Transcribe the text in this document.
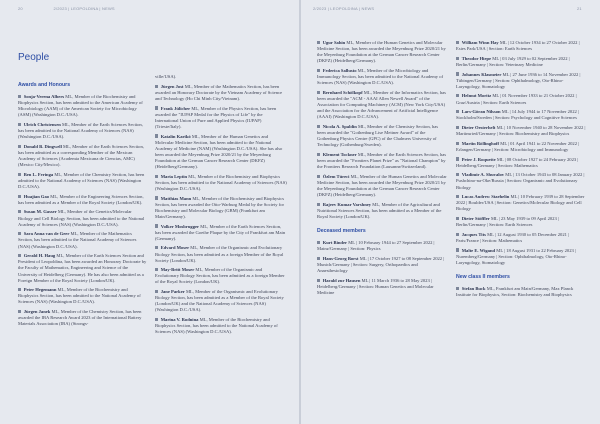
20	2/2023 | LEOPOLDINA | NEWS
People
Awards and Honours

Sonja-Verena Albers ML, Member of the Biochemistry and Biophysics Section, has been admitted to the American Academy of Microbiology (AAM) of the American Society for Microbiology (ASM) (Washington D.C./USA).

Ulrich Christensen ML, Member of the Earth Sciences Section, has been admitted to the National Academy of Sciences (NAS) (Washington D.C./USA).

Donald B. Dingwell ML, Member of the Earth Sciences Section, has been admitted as a corresponding Member of the Mexican Academy of Sciences (Academia Mexicana de Ciencias, AMC) (Mexico City/Mexico).

Ben L. Feringa ML, Member of the Chemistry Section, has been admitted to the National Academy of Sciences (NAS) (Washington D.C./USA).

Huajian Gao ML, Member of the Engineering Sciences Section, has been admitted as a Member of the Royal Society (London/UK).

Susan M. Gasser ML, Member of the Genetics/Molecular Biology and Cell Biology Section, has been admitted to the National Academy of Sciences (NAS) (Washington D.C./USA).

Sara Anna van de Geer ML, Member of the Mathematics Section, has been admitted to the National Academy of Sciences (NAS) (Washington D.C./USA).

Gerald H. Haug ML, Member of the Earth Sciences Section and President of Leopoldina, has been awarded an Honorary Doctorate by the Faculty of Mathematics, Engineering and Science of the University of Heidelberg (Germany). He has also been admitted as a Foreign Member of the Royal Society (London/UK).

Peter Hegemann ML, Member of the Biochemistry and Biophysics Section, has been admitted to the National Academy of Sciences (NAS) (Washington D.C./USA).

Jürgen Janek ML, Member of the Chemistry Section, has been awarded the IBA Research Award 2023 of the International Battery Materials Association (IBA) (Strongs-

ville/USA).

Jürgen Jost ML, Member of the Mathematics Section, has been awarded an Honorary Doctorate by the Vietnam Academy of Science and Technology (Ho Chi Minh City/Vietnam).

Frank Jülicher ML, Member of the Physics Section, has been awarded the "IUPAP Medal for the Physics of Life" by the International Union of Pure and Applied Physics (IUPAP) (Trieste/Italy).

Katalin Karikó ML, Member of the Human Genetics and Molecular Medicine Section, has been admitted to the National Academy of Medicine (NAM) (Washington D.C./USA). She has also been awarded the Meyenburg Prize 2020/21 by the Meyenburg Foundation at the German Cancer Research Center (DKFZ) (Heidelberg/Germany).

Maria Leptin ML, Member of the Biochemistry and Biophysics Section, has been admitted to the National Academy of Sciences (NAS) (Washington D.C./USA).

Matthias Mann ML, Member of the Biochemistry and Biophysics Section, has been awarded the Otto-Warburg Medal by the Society for Biochemistry and Molecular Biology (GBM) (Frankfurt am Main/Germany).

Volker Mosbrugger ML, Member of the Earth Sciences Section, has been awarded the Goethe Plaque by the City of Frankfurt am Main (Germany).

Edvard Moser ML, Member of the Organismic and Evolutionary Biology Section, has been admitted as a foreign Member of the Royal Society (London/UK).

May-Britt Moser ML, Member of the Organismic and Evolutionary Biology Section, has been admitted as a foreign Member of the Royal Society (London/UK).

Jane Parker ML, Member of the Organismic and Evolutionary Biology Section, has been admitted as a Member of the Royal Society (London/UK) and the National Academy of Sciences (NAS) (Washington D.C./USA).

Marina V. Rodnina ML, Member of the Biochemistry and Biophysics Section, has been admitted to the National Academy of Sciences (NAS) (Washington D.C./USA).

2/2023 | LEOPOLDINA | NEWS	21

Ugur Sahin ML, Member of the Human Genetics and Molecular Medicine Section, has been awarded the Meyenburg Prize 2020/21 by the Meyenburg Foundation at the German Cancer Research Center (DKFZ) (Heidelberg/Germany).

Federica Sallusto ML, Member of the Microbiology and Immunology Section, has been admitted to the National Academy of Sciences (NAS) (Washington D.C./USA).

Bernhard Schölkopf ML, Member of the Informatics Section, has been awarded the "ACM - AAAI Allen Newell Award" of the Association for Computing Machinery (ACM) (New York City/USA) and the Association for the Advancement of Artificial Intelligence (AAAI) (Washington D.C./USA).

Nicola A. Spaldin ML, Member of the Chemistry Section, has been awarded the "Gothenburg Lise Meitner Award" of the Gothenburg Physics Centre (GPC) of the Chalmers University of Technology (Gothenburg/Sweden).

Klement Tockner ML, Member of the Earth Sciences Section, has been awarded the "Frontiers Planet Prize" as "National Champion" by the Frontiers Research Foundation (Lausanne/Switzerland).

Özlem Türeci ML, Member of the Human Genetics and Molecular Medicine Section, has been awarded the Meyenburg Prize 2020/21 by the Meyenburg Foundation at the German Cancer Research Center (DKFZ) (Heidelberg/Germany).

Rajeev Kumar Varshney ML, Member of the Agricultural and Nutritional Sciences Section, has been admitted as a Member of the Royal Society (London/UK).

Deceased members

Kurt Binder ML | 10 February 1944 to 27 September 2022 | Mainz/Germany | Section: Physics

Hans-Georg Borst ML | 17 October 1927 to 08 September 2022 | Munich/Germany | Section: Surgery, Orthopaedics and Anaesthesiology

Harald zur Hausen ML | 11 March 1936 to 28 May 2023 | Heidelberg/Germany | Section: Human Genetics and Molecular Medicine

William Winn Hay ML | 12 October 1934 to 27 October 2022 | Estes Park/USA | Section: Earth Sciences

Theodor Hiepe ML | 03 July 1929 to 02 September 2022 | Berlin/Germany | Section: Veterinary Medicine

Johannes Klasmeier ML | 27 June 1936 to 14 November 2022 | Tübingen/Germany | Section: Ophthalmology, Oto-Rhino-Laryngology, Stomatology

Helmut Moritz ML | 01 November 1933 to 21 October 2022 | Graz/Austria | Section: Earth Sciences

Lars-Göran Nilsson ML | 14 July 1944 to 17 November 2022 | Stockholm/Sweden | Section: Psychology and Cognitive Sciences

Dieter Oesterhelt ML | 10 November 1940 to 28 November 2022 | Martinsried/Germany | Section: Biochemistry and Biophysics

Martin Röllinghoff ML | 01 April 1941 to 22 November 2022 | Erlangen/Germany | Section: Microbiology and Immunology

Peter J. Roquette ML | 08 October 1927 to 24 February 2023 | Heidelberg/Germany | Section: Mathematics

Vladimir A. Shuvalov ML | 13 October 1943 to 08 January 2022 | Pushchino-na-Oke/Russia | Section: Organismic and Evolutionary Biology

Lucas Andrew Staehelin ML | 10 February 1939 to 28 September 2022 | Boulder/USA | Section: Genetics/Molecular Biology and Cell Biology

Dieter Stöffler ML | 23 May 1939 to 09 April 2023 | Berlin/Germany | Section: Earth Sciences

Jacques Tits ML | 12 August 1930 to 05 December 2021 | Paris/France | Section: Mathematics

Malte E. Wigand ML | 18 August 1931 to 22 February 2023 | Nuremberg/Germany | Section: Ophthalmology, Oto-Rhino-Laryngology, Stomatology

New class II members

Stefan Buck ML, Frankfurt am Main/Germany, Max Planck Institute for Biophysics, Section: Biochemistry and Biophysics
